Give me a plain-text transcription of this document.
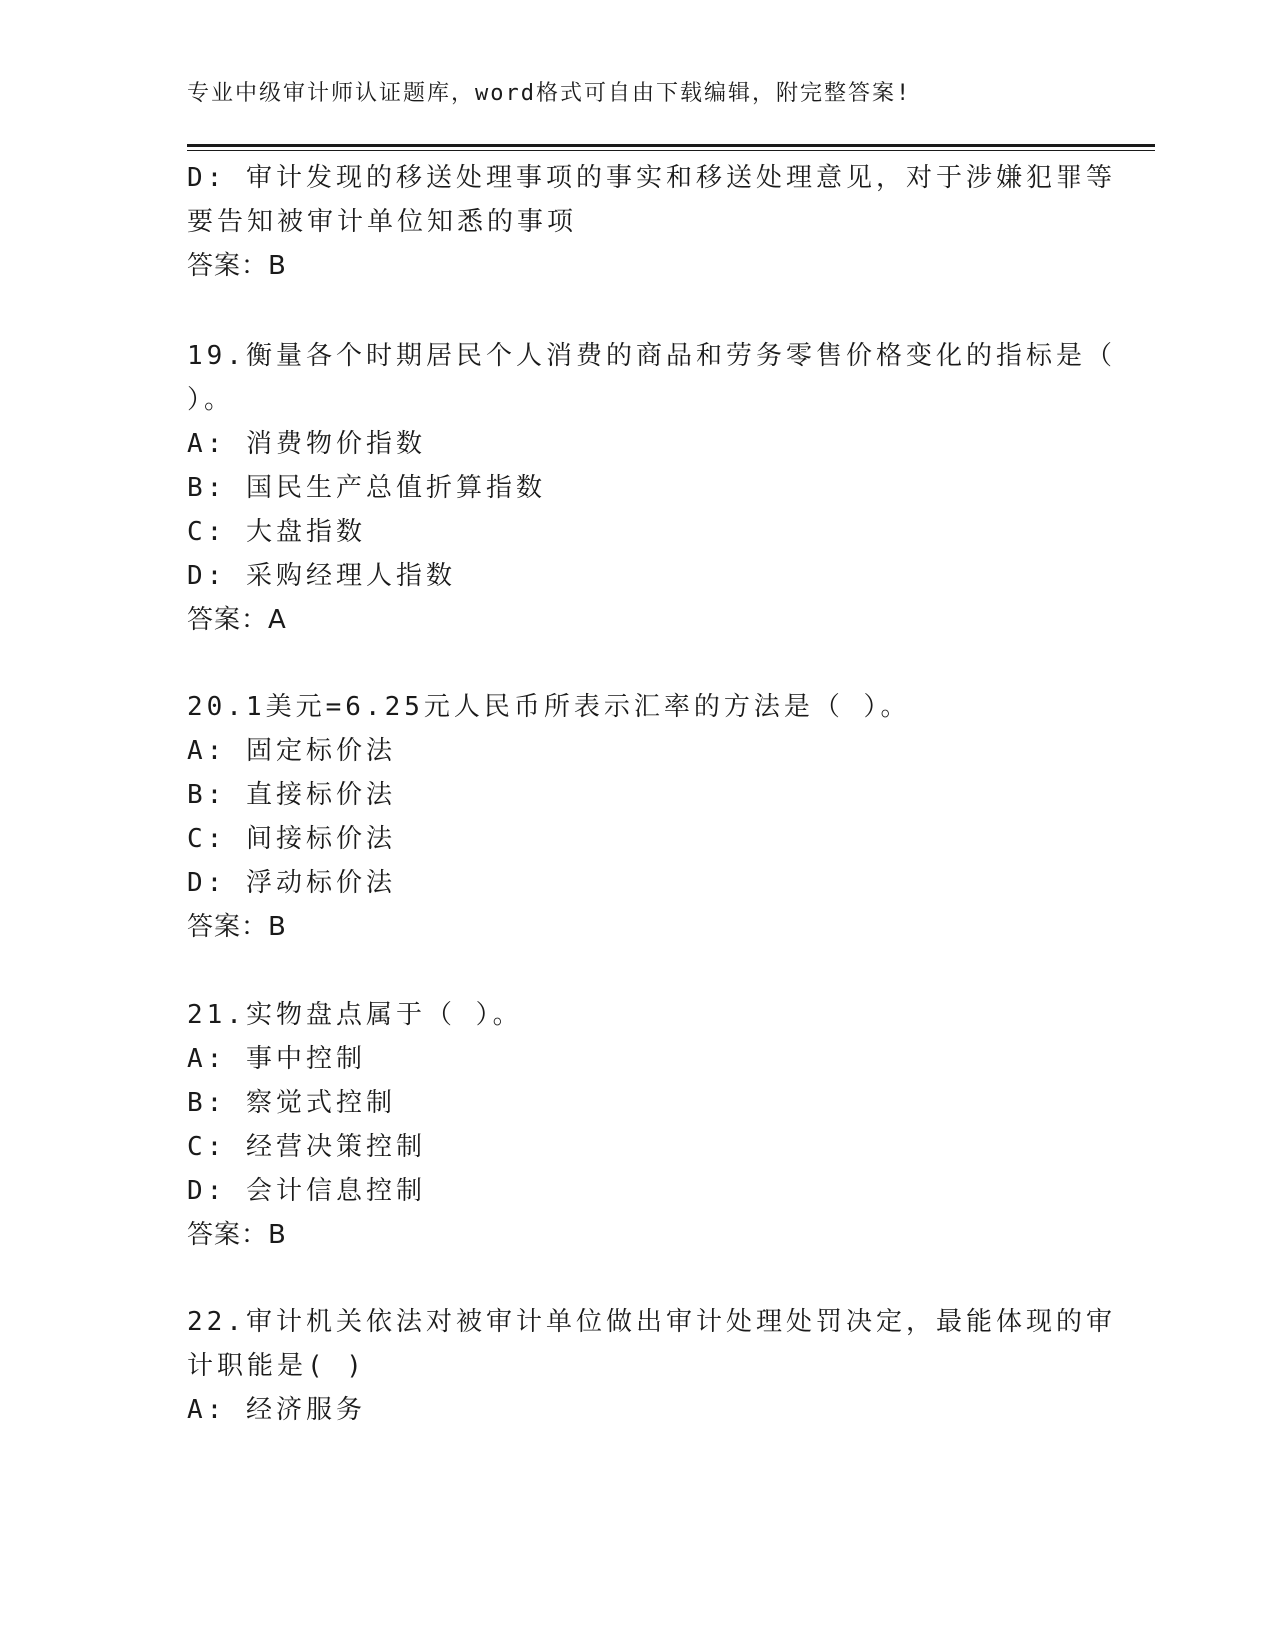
专业中级审计师认证题库，word格式可自由下载编辑，附完整答案!
D: 审计发现的移送处理事项的事实和移送处理意见，对于涉嫌犯罪等
要告知被审计单位知悉的事项
答案：B
19.衡量各个时期居民个人消费的商品和劳务零售价格变化的指标是（
）。
A: 消费物价指数
B: 国民生产总值折算指数
C: 大盘指数
D: 采购经理人指数
答案：A
20.1美元=6.25元人民币所表示汇率的方法是（ ）。
A: 固定标价法
B: 直接标价法
C: 间接标价法
D: 浮动标价法
答案：B
21.实物盘点属于（ ）。
A: 事中控制
B: 察觉式控制
C: 经营决策控制
D: 会计信息控制
答案：B
22.审计机关依法对被审计单位做出审计处理处罚决定，最能体现的审
计职能是( )
A: 经济服务
